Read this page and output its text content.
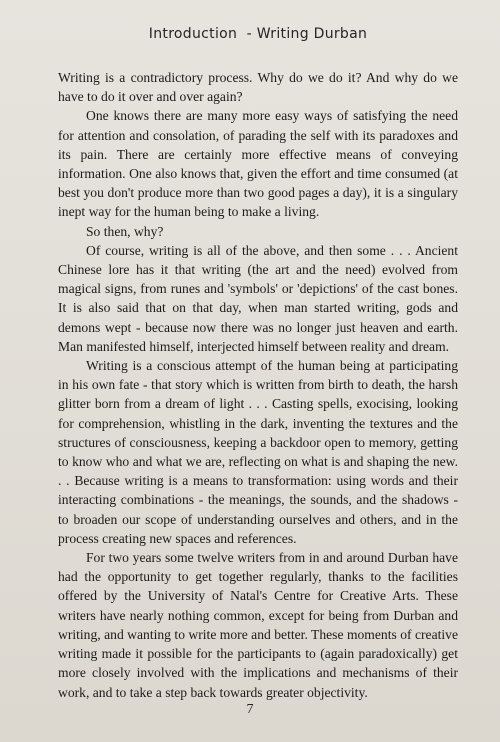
Introduction  - Writing Durban

Writing is a contradictory process. Why do we do it? And why do we have to do it over and over again?

One knows there are many more easy ways of satisfying the need for attention and consolation, of parading the self with its paradoxes and its pain. There are certainly more effective means of conveying information. One also knows that, given the effort and time consumed (at best you don't produce more than two good pages a day), it is a singulary inept way for the human being to make a living.

So then, why?

Of course, writing is all of the above, and then some . . . Ancient Chinese lore has it that writing (the art and the need) evolved from magical signs, from runes and 'symbols' or 'depictions' of the cast bones. It is also said that on that day, when man started writing, gods and demons wept - because now there was no longer just heaven and earth. Man manifested himself, interjected himself between reality and dream.

Writing is a conscious attempt of the human being at participating in his own fate - that story which is written from birth to death, the harsh glitter born from a dream of light . . . Casting spells, exocising, looking for comprehension, whistling in the dark, inventing the textures and the structures of consciousness, keeping a backdoor open to memory, getting to know who and what we are, reflecting on what is and shaping the new. . . Because writing is a means to transformation: using words and their interacting combinations - the meanings, the sounds, and the shadows - to broaden our scope of understanding ourselves and others, and in the process creating new spaces and references.

For two years some twelve writers from in and around Durban have had the opportunity to get together regularly, thanks to the facilities offered by the University of Natal's Centre for Creative Arts. These writers have nearly nothing common, except for being from Durban and writing, and wanting to write more and better. These moments of creative writing made it possible for the participants to (again paradoxically) get more closely involved with the implications and mechanisms of their work, and to take a step back towards greater objectivity.

7
